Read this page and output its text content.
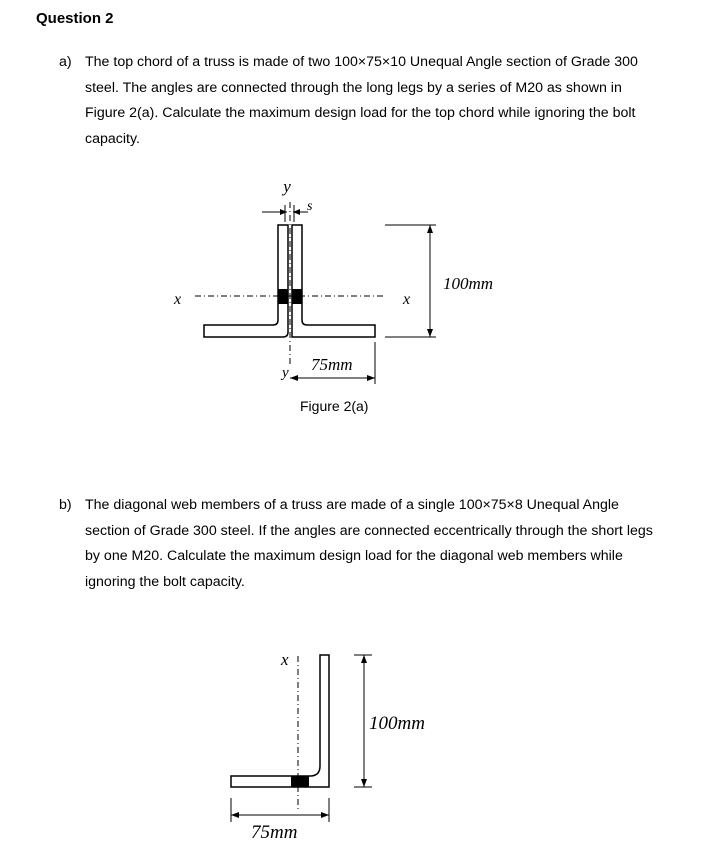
Question 2
a) The top chord of a truss is made of two 100×75×10 Unequal Angle section of Grade 300 steel. The angles are connected through the long legs by a series of M20 as shown in Figure 2(a). Calculate the maximum design load for the top chord while ignoring the bolt capacity.
y
s
x	x
100mm
75mm
y
Figure 2(a)
b) The diagonal web members of a truss are made of a single 100×75×8 Unequal Angle section of Grade 300 steel. If the angles are connected eccentrically through the short legs by one M20. Calculate the maximum design load for the diagonal web members while ignoring the bolt capacity.
x
100mm
75mm
